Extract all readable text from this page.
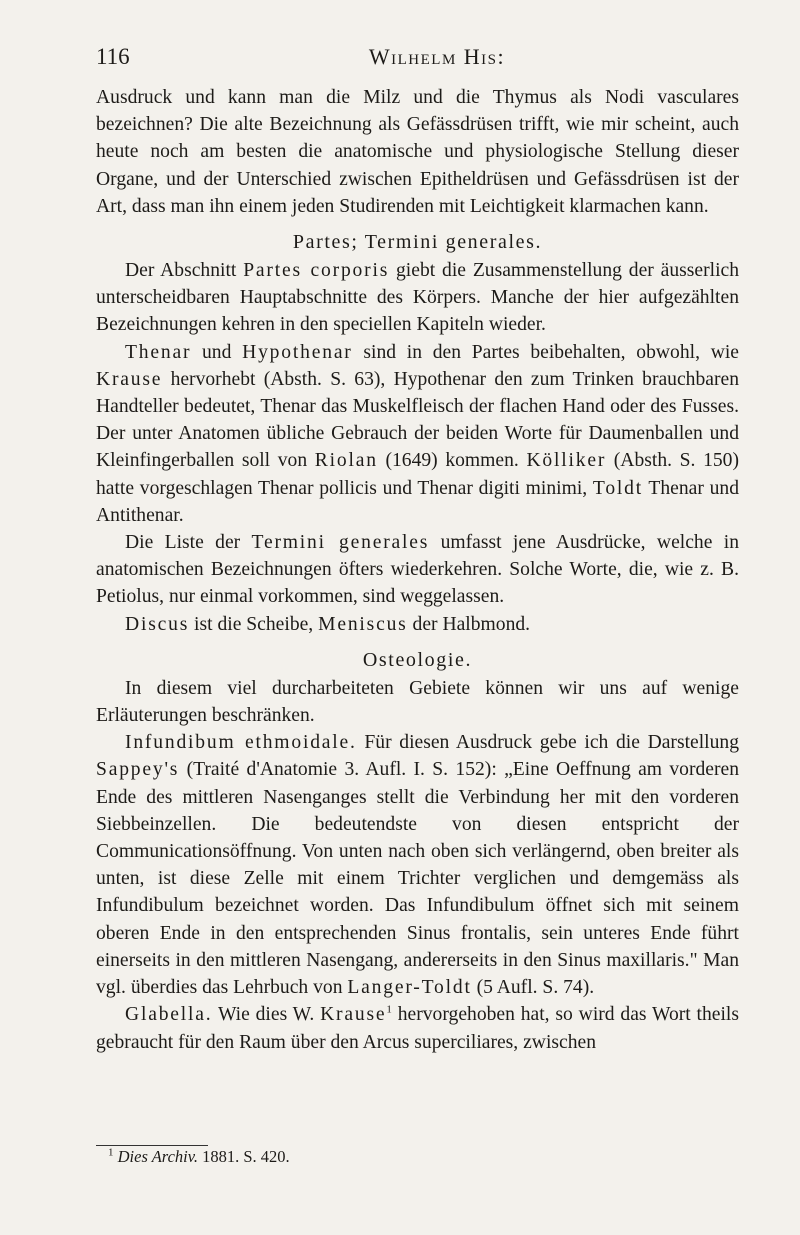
116	Wilhelm His:

Ausdruck und kann man die Milz und die Thymus als Nodi vasculares bezeichnen? Die alte Bezeichnung als Gefässdrüsen trifft, wie mir scheint, auch heute noch am besten die anatomische und physiologische Stellung dieser Organe, und der Unterschied zwischen Epitheldrüsen und Gefässdrüsen ist der Art, dass man ihn einem jeden Studirenden mit Leichtigkeit klarmachen kann.

Partes; Termini generales.

Der Abschnitt Partes corporis giebt die Zusammenstellung der äusserlich unterscheidbaren Hauptabschnitte des Körpers. Manche der hier aufgezählten Bezeichnungen kehren in den speciellen Kapiteln wieder.

Thenar und Hypothenar sind in den Partes beibehalten, obwohl, wie Krause hervorhebt (Absth. S. 63), Hypothenar den zum Trinken brauchbaren Handteller bedeutet, Thenar das Muskelfleisch der flachen Hand oder des Fusses. Der unter Anatomen übliche Gebrauch der beiden Worte für Daumenballen und Kleinfingerballen soll von Riolan (1649) kommen. Kölliker (Absth. S. 150) hatte vorgeschlagen Thenar pollicis und Thenar digiti minimi, Toldt Thenar und Antithenar.

Die Liste der Termini generales umfasst jene Ausdrücke, welche in anatomischen Bezeichnungen öfters wiederkehren. Solche Worte, die, wie z. B. Petiolus, nur einmal vorkommen, sind weggelassen.

Discus ist die Scheibe, Meniscus der Halbmond.

Osteologie.

In diesem viel durcharbeiteten Gebiete können wir uns auf wenige Erläuterungen beschränken.

Infundibum ethmoidale. Für diesen Ausdruck gebe ich die Darstellung Sappey's (Traité d'Anatomie 3. Aufl. I. S. 152): „Eine Oeffnung am vorderen Ende des mittleren Nasenganges stellt die Verbindung her mit den vorderen Siebbeinzellen. Die bedeutendste von diesen entspricht der Communicationsöffnung. Von unten nach oben sich verlängernd, oben breiter als unten, ist diese Zelle mit einem Trichter verglichen und demgemäss als Infundibulum bezeichnet worden. Das Infundibulum öffnet sich mit seinem oberen Ende in den entsprechenden Sinus frontalis, sein unteres Ende führt einerseits in den mittleren Nasengang, andererseits in den Sinus maxillaris." Man vgl. überdies das Lehrbuch von Langer-Toldt (5 Aufl. S. 74).

Glabella. Wie dies W. Krause$^1$ hervorgehoben hat, so wird das Wort theils gebraucht für den Raum über den Arcus superciliares, zwischen

$^1$ Dies Archiv. 1881. S. 420.
